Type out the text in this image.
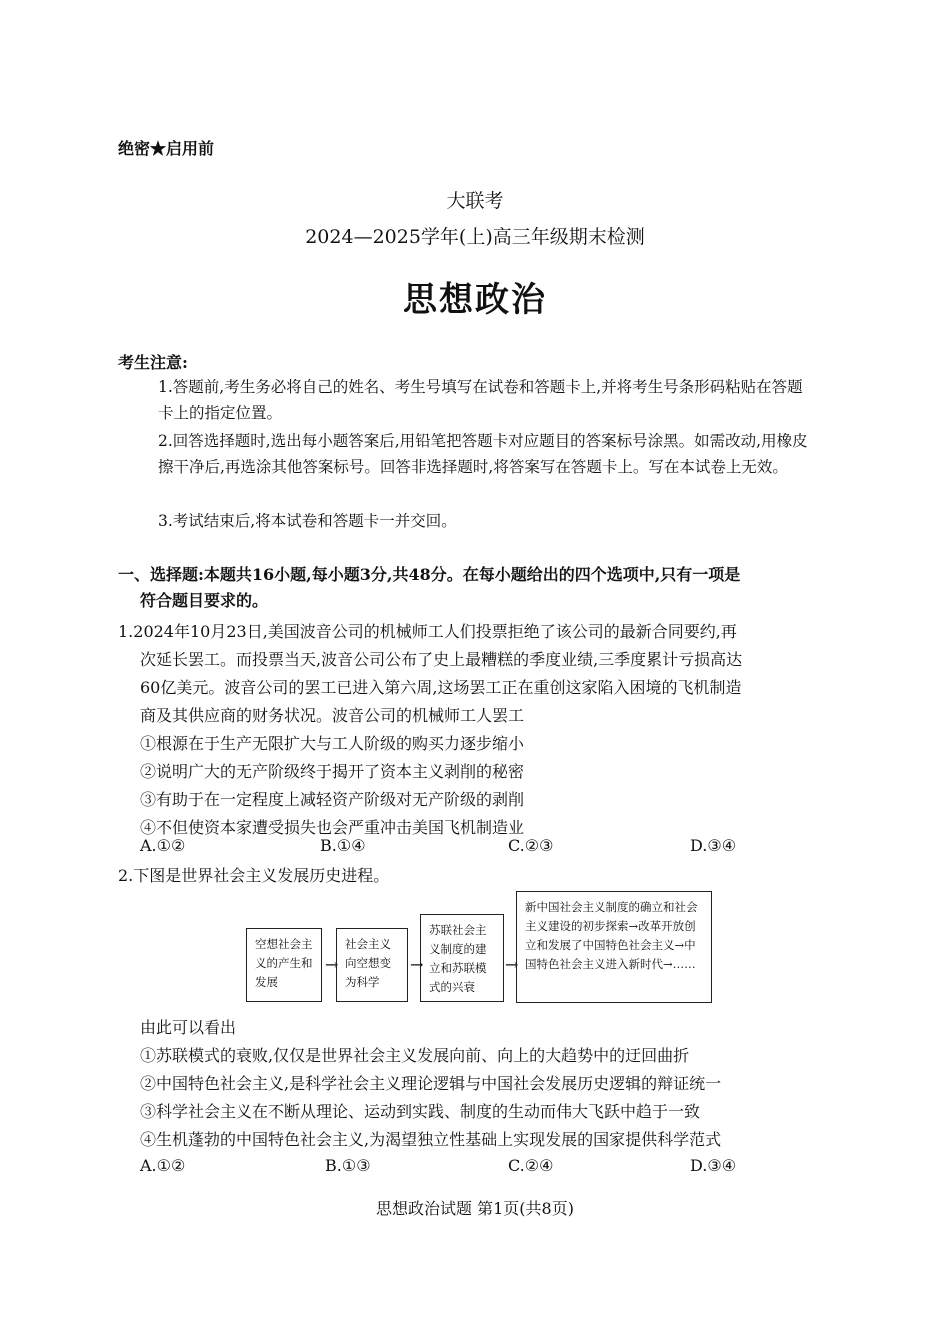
绝密★启用前
大联考
2024—2025学年(上)高三年级期末检测
思想政治
考生注意:
1.答题前,考生务必将自己的姓名、考生号填写在试卷和答题卡上,并将考生号条形码粘贴在答题卡上的指定位置。
2.回答选择题时,选出每小题答案后,用铅笔把答题卡对应题目的答案标号涂黑。如需改动,用橡皮擦干净后,再选涂其他答案标号。回答非选择题时,将答案写在答题卡上。写在本试卷上无效。
3.考试结束后,将本试卷和答题卡一并交回。
一、选择题:本题共16小题,每小题3分,共48分。在每小题给出的四个选项中,只有一项是
符合题目要求的。
1.2024年10月23日,美国波音公司的机械师工人们投票拒绝了该公司的最新合同要约,再
次延长罢工。而投票当天,波音公司公布了史上最糟糕的季度业绩,三季度累计亏损高达
60亿美元。波音公司的罢工已进入第六周,这场罢工正在重创这家陷入困境的飞机制造
商及其供应商的财务状况。波音公司的机械师工人罢工
①根源在于生产无限扩大与工人阶级的购买力逐步缩小
②说明广大的无产阶级终于揭开了资本主义剥削的秘密
③有助于在一定程度上减轻资产阶级对无产阶级的剥削
④不但使资本家遭受损失也会严重冲击美国飞机制造业
A.①②	B.①④	C.②③	D.③④
2.下图是世界社会主义发展历史进程。
空想社会主义的产生和发展
→
社会主义向空想变为科学
→
苏联社会主义制度的建立和苏联模式的兴衰
→
新中国社会主义制度的确立和社会主义建设的初步探索→改革开放创立和发展了中国特色社会主义→中国特色社会主义进入新时代→……
由此可以看出
①苏联模式的衰败,仅仅是世界社会主义发展向前、向上的大趋势中的迂回曲折
②中国特色社会主义,是科学社会主义理论逻辑与中国社会发展历史逻辑的辩证统一
③科学社会主义在不断从理论、运动到实践、制度的生动而伟大飞跃中趋于一致
④生机蓬勃的中国特色社会主义,为渴望独立性基础上实现发展的国家提供科学范式
A.①②	B.①③	C.②④	D.③④
思想政治试题 第1页(共8页)
